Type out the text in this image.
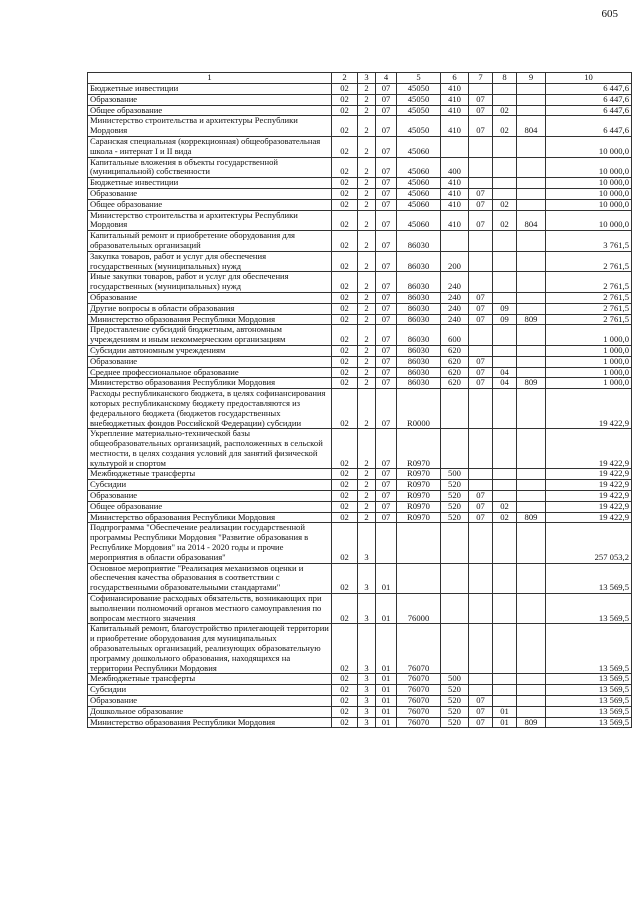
605
1	2	3	4	5	6	7	8	9	10
Бюджетные инвестиции	02	2	07	45050	410				6 447,6
Образование	02	2	07	45050	410	07			6 447,6
Общее образование	02	2	07	45050	410	07	02		6 447,6
Министерство строительства и архитектуры Республики Мордовия	02	2	07	45050	410	07	02	804	6 447,6
Саранская специальная (коррекционная) общеобразовательная школа - интернат I и II вида	02	2	07	45060					10 000,0
Капитальные вложения в объекты государственной (муниципальной) собственности	02	2	07	45060	400				10 000,0
Бюджетные инвестиции	02	2	07	45060	410				10 000,0
Образование	02	2	07	45060	410	07			10 000,0
Общее образование	02	2	07	45060	410	07	02		10 000,0
Министерство строительства и архитектуры Республики Мордовия	02	2	07	45060	410	07	02	804	10 000,0
Капитальный ремонт и приобретение оборудования для образовательных организаций	02	2	07	86030					3 761,5
Закупка товаров, работ и услуг для обеспечения государственных (муниципальных) нужд	02	2	07	86030	200				2 761,5
Иные закупки товаров, работ и услуг для обеспечения государственных (муниципальных) нужд	02	2	07	86030	240				2 761,5
Образование	02	2	07	86030	240	07			2 761,5
Другие вопросы в области образования	02	2	07	86030	240	07	09		2 761,5
Министерство образования Республики Мордовия	02	2	07	86030	240	07	09	809	2 761,5
Предоставление субсидий бюджетным, автономным учреждениям и иным некоммерческим организациям	02	2	07	86030	600				1 000,0
Субсидии автономным учреждениям	02	2	07	86030	620				1 000,0
Образование	02	2	07	86030	620	07			1 000,0
Среднее профессиональное образование	02	2	07	86030	620	07	04		1 000,0
Министерство образования Республики Мордовия	02	2	07	86030	620	07	04	809	1 000,0
Расходы республиканского бюджета, в целях софинансирования которых республиканскому бюджету предоставляются из федерального бюджета (бюджетов государственных внебюджетных фондов Российской Федерации) субсидии	02	2	07	R0000					19 422,9
Укрепление материально-технической базы общеобразовательных организаций, расположенных в сельской местности, в целях создания условий для занятий физической культурой и спортом	02	2	07	R0970					19 422,9
Межбюджетные трансферты	02	2	07	R0970	500				19 422,9
Субсидии	02	2	07	R0970	520				19 422,9
Образование	02	2	07	R0970	520	07			19 422,9
Общее образование	02	2	07	R0970	520	07	02		19 422,9
Министерство образования Республики Мордовия	02	2	07	R0970	520	07	02	809	19 422,9
Подпрограмма "Обеспечение реализации государственной программы Республики Мордовия "Развитие образования в Республике Мордовия" на 2014 - 2020 годы и прочие мероприятия в области образования"	02	3							257 053,2
Основное мероприятие "Реализация механизмов оценки и обеспечения качества образования в соответствии с государственными образовательными стандартами"	02	3	01						13 569,5
Софинансирование расходных обязательств, возникающих при выполнении полномочий органов местного самоуправления по вопросам местного значения	02	3	01	76000					13 569,5
Капитальный ремонт, благоустройство прилегающей территории и приобретение оборудования для муниципальных образовательных организаций, реализующих образовательную программу дошкольного образования, находящихся на территории Республики Мордовия	02	3	01	76070					13 569,5
Межбюджетные трансферты	02	3	01	76070	500				13 569,5
Субсидии	02	3	01	76070	520				13 569,5
Образование	02	3	01	76070	520	07			13 569,5
Дошкольное образование	02	3	01	76070	520	07	01		13 569,5
Министерство образования Республики Мордовия	02	3	01	76070	520	07	01	809	13 569,5
